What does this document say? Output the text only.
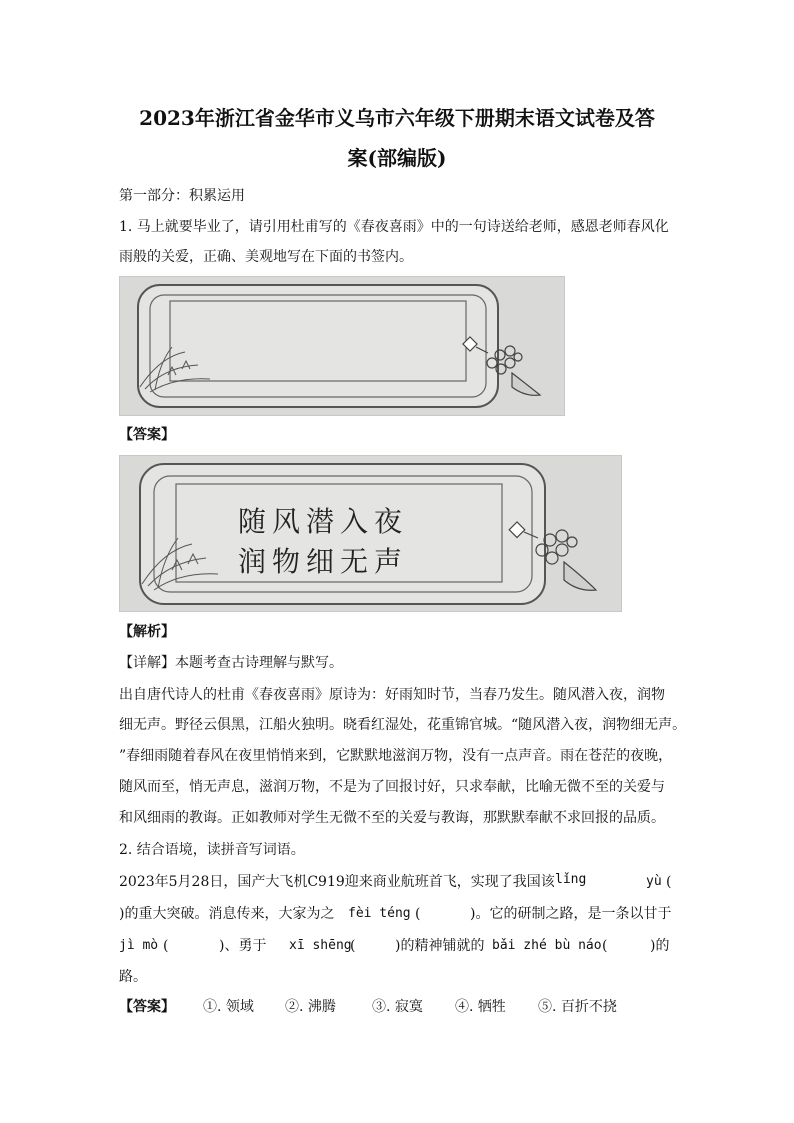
2023年浙江省金华市义乌市六年级下册期末语文试卷及答
案(部编版)
第一部分：积累运用
1. 马上就要毕业了，请引用杜甫写的《春夜喜雨》中的一句诗送给老师，感恩老师春风化
雨般的关爱，正确、美观地写在下面的书签内。
【答案】
随风潜入夜
润物细无声
【解析】
【详解】本题考查古诗理解与默写。
出自唐代诗人的杜甫《春夜喜雨》原诗为：好雨知时节，当春乃发生。随风潜入夜，润物
细无声。野径云俱黑，江船火独明。晓看红湿处，花重锦官城。“随风潜入夜，润物细无声。
”春细雨随着春风在夜里悄悄来到，它默默地滋润万物，没有一点声音。雨在苍茫的夜晚，
随风而至，悄无声息，滋润万物，不是为了回报讨好，只求奉献，比喻无微不至的关爱与
和风细雨的教诲。正如教师对学生无微不至的关爱与教诲，那默默奉献不求回报的品质。
2. 结合语境，读拼音写词语。
2023年5月28日，国产大飞机C919迎来商业航班首飞，实现了我国该 lǐng	yù (
)的重大突破。消息传来，大家为之 fèi téng (	)。它的研制之路，是一条以甘于
jì mò (	)、勇于 xī shēng
(	)的精神铺就的 bǎi zhé bù náo (	)的
路。
【答案】 ①. 领域 ②. 沸腾	③. 寂寞 ④. 牺牲 ⑤. 百折不挠
